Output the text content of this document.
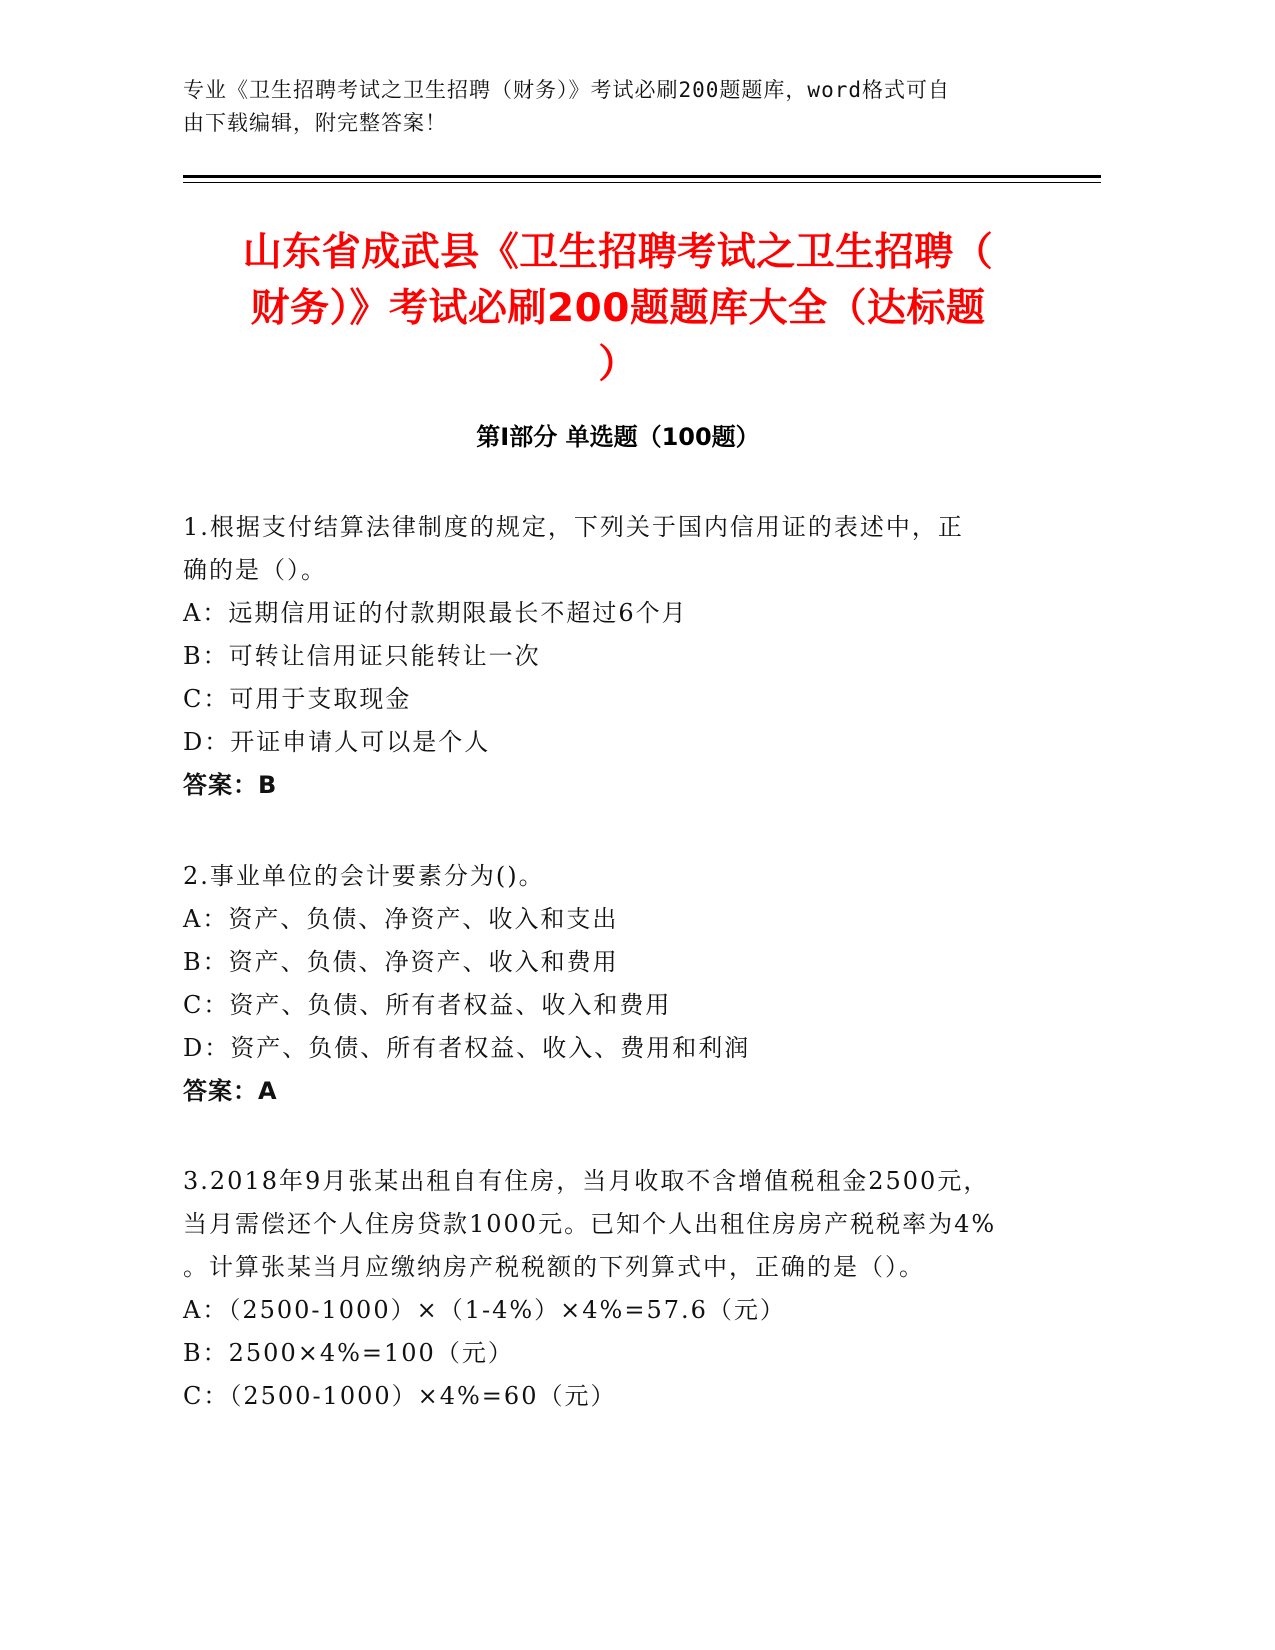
专业《卫生招聘考试之卫生招聘（财务）》考试必刷200题题库，word格式可自
由下载编辑，附完整答案！
山东省成武县《卫生招聘考试之卫生招聘（
财务）》考试必刷200题题库大全（达标题
）
第I部分 单选题（100题）
1.根据支付结算法律制度的规定，下列关于国内信用证的表述中，正
确的是（）。
A：远期信用证的付款期限最长不超过6个月
B：可转让信用证只能转让一次
C：可用于支取现金
D：开证申请人可以是个人
答案：B
2.事业单位的会计要素分为()。
A：资产、负债、净资产、收入和支出
B：资产、负债、净资产、收入和费用
C：资产、负债、所有者权益、收入和费用
D：资产、负债、所有者权益、收入、费用和利润
答案：A
3.2018年9月张某出租自有住房，当月收取不含增值税租金2500元，
当月需偿还个人住房贷款1000元。已知个人出租住房房产税税率为4%
。计算张某当月应缴纳房产税税额的下列算式中，正确的是（）。
A：（2500-1000）×（1-4%）×4%=57.6（元）
B：2500×4%=100（元）
C：（2500-1000）×4%=60（元）
